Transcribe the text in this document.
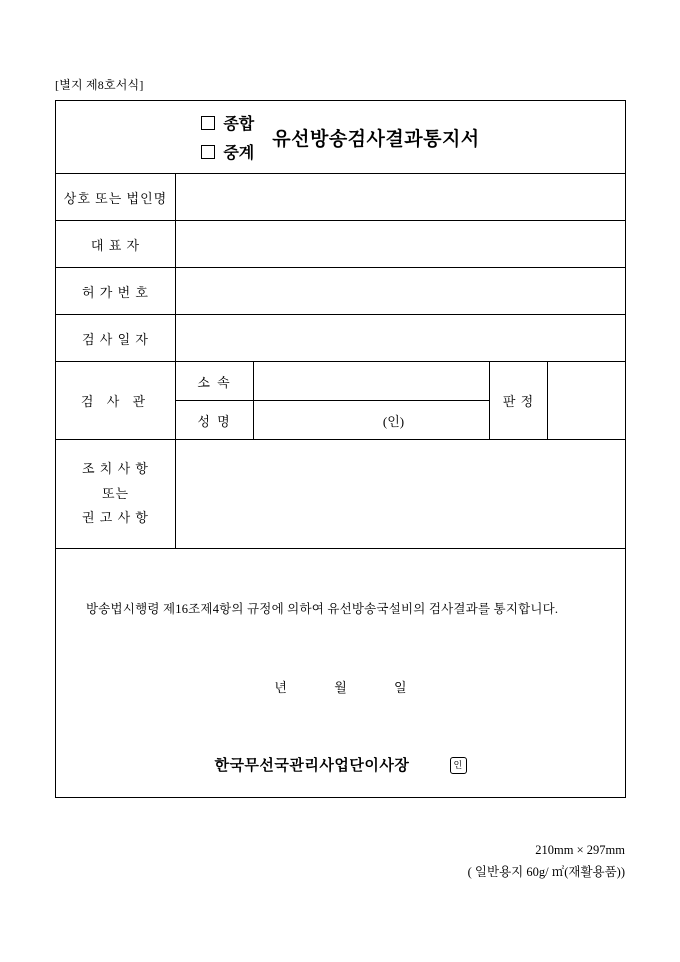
[별지 제8호서식]
종합
중계
유선방송검사결과통지서				

상호 또는 법인명				
대 표 자				
허 가 번 호				
검 사 일 자				
검 사 관	소 속		판 정	
	성 명	(인)		

조 치 사 항
또는
권 고 사 항				

방송법시행령 제16조제4항의 규정에 의하여 유선방송국설비의 검사결과를 통지합니다.
년 월 일
한국무선국관리사업단이사장 인				
210mm × 297mm
( 일반용지 60g/ ㎡(재활용품))
